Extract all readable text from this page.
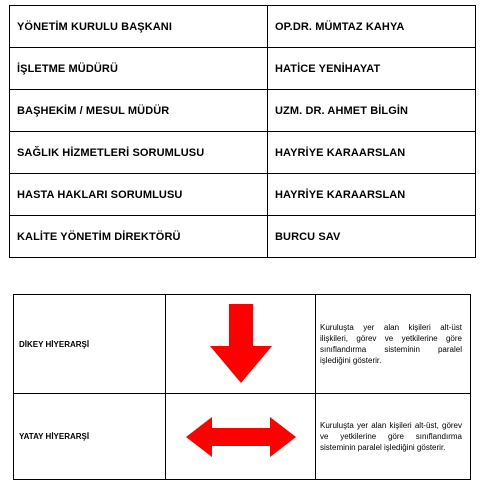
YÖNETİM KURULU BAŞKANI	OP.DR. MÜMTAZ KAHYA
İŞLETME MÜDÜRÜ	HATİCE YENİHAYAT
BAŞHEKİM / MESUL MÜDÜR	UZM. DR. AHMET BİLGİN
SAĞLIK HİZMETLERİ SORUMLUSU	HAYRİYE KARAARSLAN
HASTA HAKLARI SORUMLUSU	HAYRİYE KARAARSLAN
KALİTE YÖNETİM DİREKTÖRÜ	BURCU SAV
DİKEY HİYERARŞİ		Kuruluşta yer alan kişileri alt-üst ilişkileri, görev ve yetkilerine göre sınıflandırma sisteminin paralel işlediğini gösterir.
YATAY HİYERARŞİ		Kuruluşta yer alan kişileri alt-üst, görev ve yetkilerine göre sınıflandırma sisteminin paralel işlediğini gösterir.
